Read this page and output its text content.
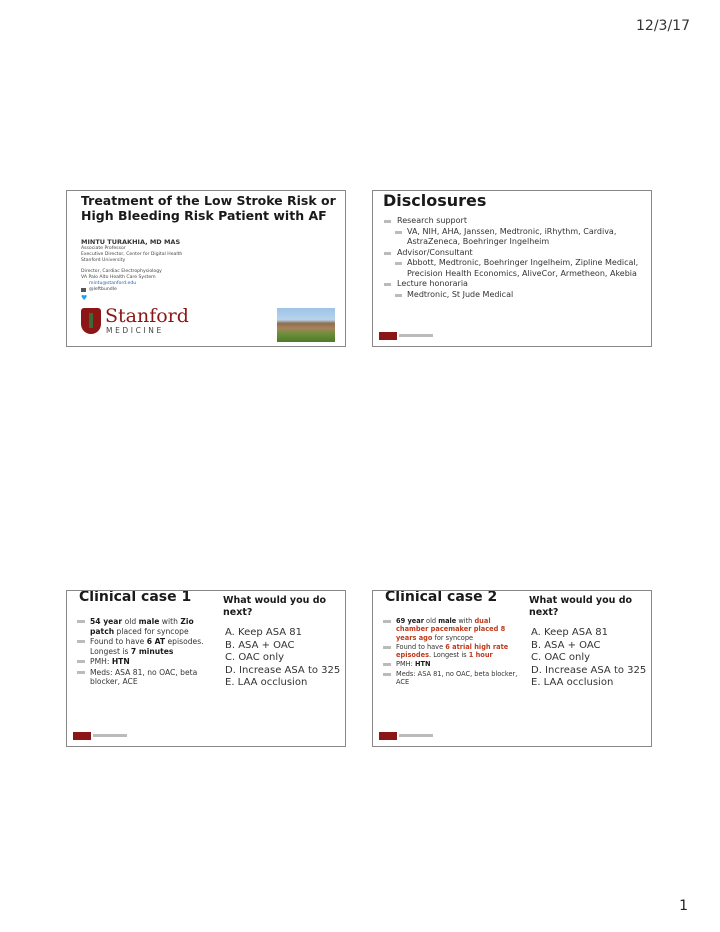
12/3/17
Treatment of the Low Stroke Risk or High Bleeding Risk Patient with AF
MINTU TURAKHIA, MD MAS
Associate Professor
Executive Director, Center for Digital Health
Stanford University
Director, Cardiac Electrophysiology
VA Palo Alto Health Care System
mintu@stanford.edu
@leftbundle
♥
Stanford
MEDICINE
Disclosures
Research support
VA, NIH, AHA, Janssen, Medtronic, iRhythm, Cardiva, AstraZeneca, Boehringer Ingelheim
Advisor/Consultant
Abbott, Medtronic, Boehringer Ingelheim, Zipline Medical, Precision Health Economics, AliveCor, Armetheon, Akebia
Lecture honoraria
Medtronic, St Jude Medical
Clinical case 1	What would you do next?
54 year old male with Zio patch placed for syncope
Found to have 6 AT episodes. Longest is 7 minutes
PMH: HTN
Meds: ASA 81, no OAC, beta blocker, ACE
A. Keep ASA 81
B. ASA + OAC
C. OAC only
D. Increase ASA to 325
E. LAA occlusion
Clinical case 2	What would you do next?
69 year old male with dual chamber pacemaker placed 8 years ago for syncope
Found to have 6 atrial high rate episodes. Longest is 1 hour
PMH: HTN
Meds: ASA 81, no OAC, beta blocker, ACE
A. Keep ASA 81
B. ASA + OAC
C. OAC only
D. Increase ASA to 325
E. LAA occlusion
1
